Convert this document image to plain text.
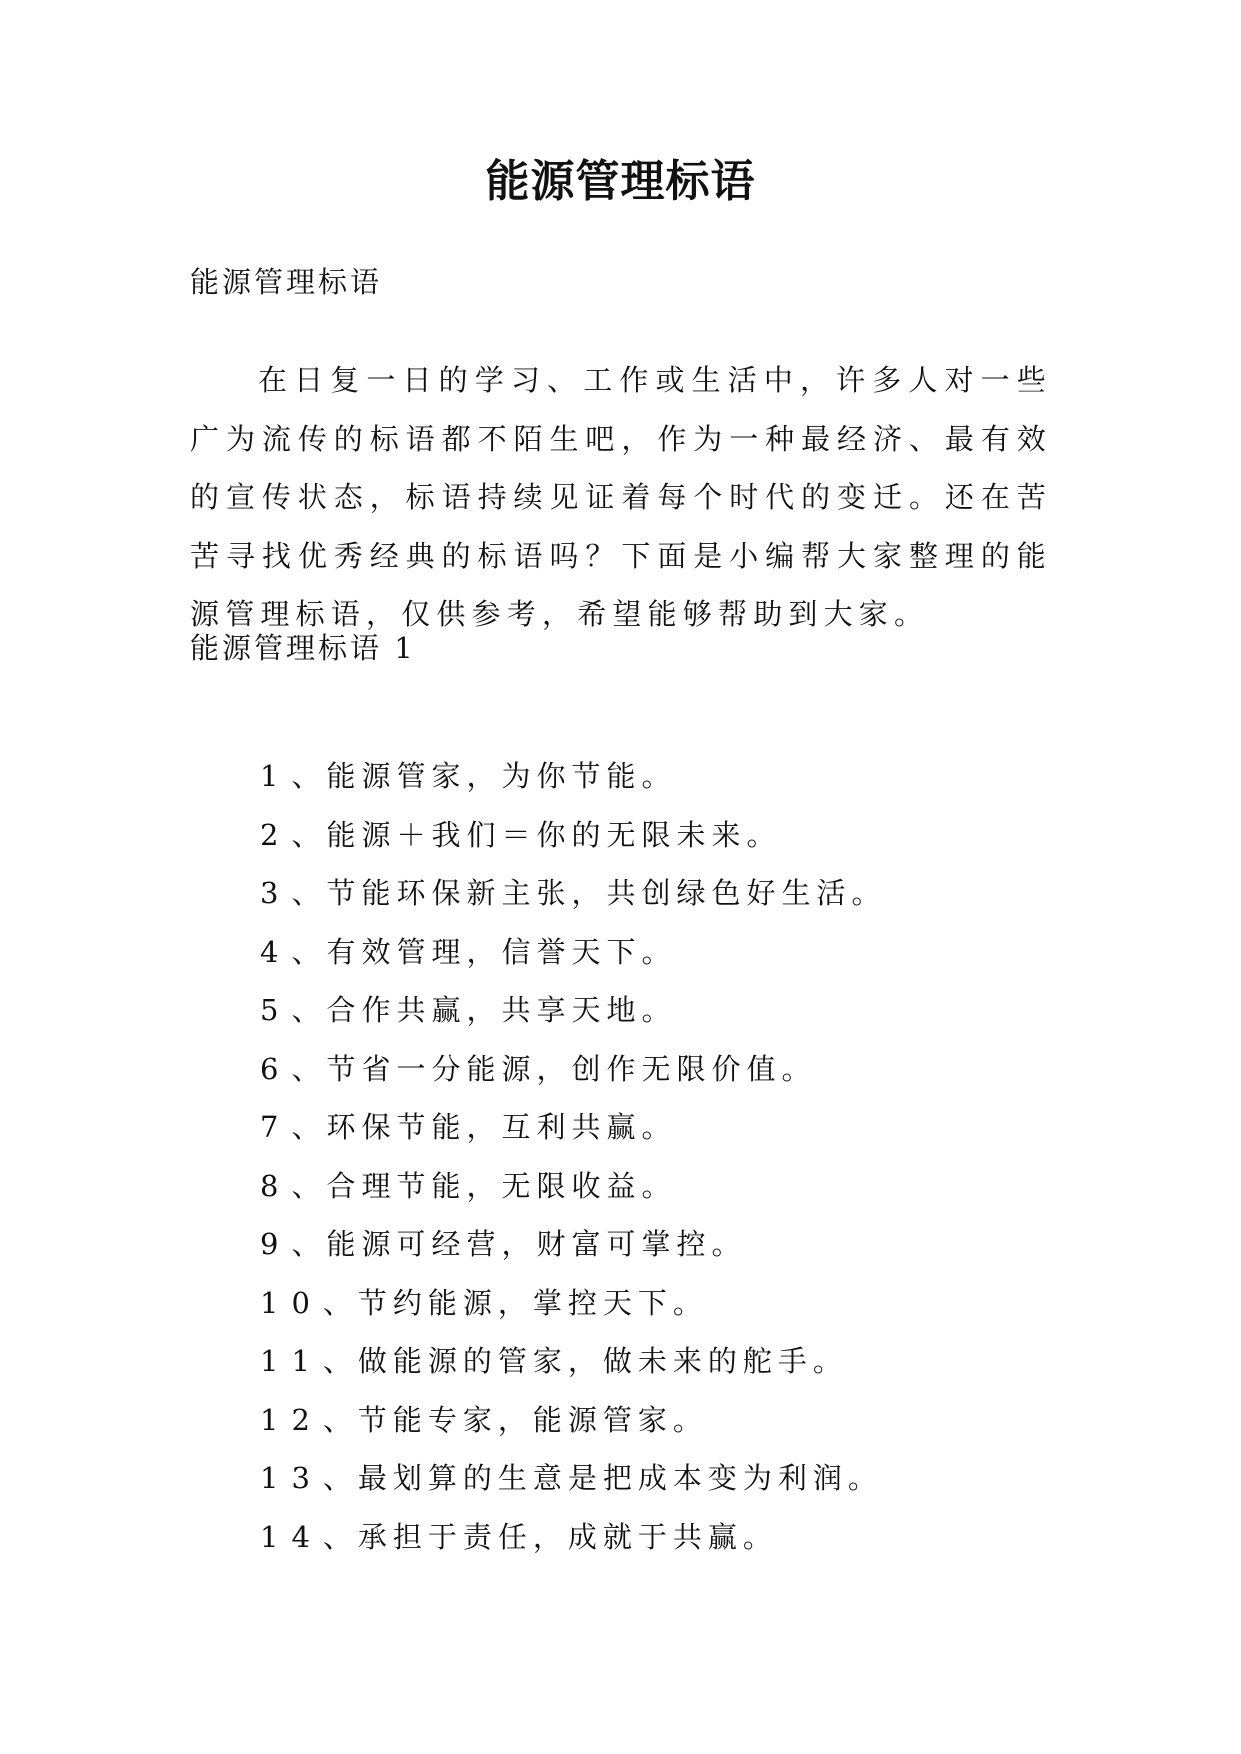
能源管理标语
能源管理标语

在日复一日的学习、工作或生活中，许多人对一些广为流传的标语都不陌生吧，作为一种最经济、最有效的宣传状态，标语持续见证着每个时代的变迁。还在苦苦寻找优秀经典的标语吗？下面是小编帮大家整理的能源管理标语，仅供参考，希望能够帮助到大家。

能源管理标语 1
1 、能源管家，为你节能。
2 、能源＋我们＝你的无限未来。
3 、节能环保新主张，共创绿色好生活。
4 、有效管理，信誉天下。
5 、合作共赢，共享天地。
6 、节省一分能源，创作无限价值。
7 、环保节能，互利共赢。
8 、合理节能，无限收益。
9 、能源可经营，财富可掌控。
10 、节约能源，掌控天下。
11 、做能源的管家，做未来的舵手。
12 、节能专家，能源管家。
13 、最划算的生意是把成本变为利润。
14 、承担于责任，成就于共赢。
